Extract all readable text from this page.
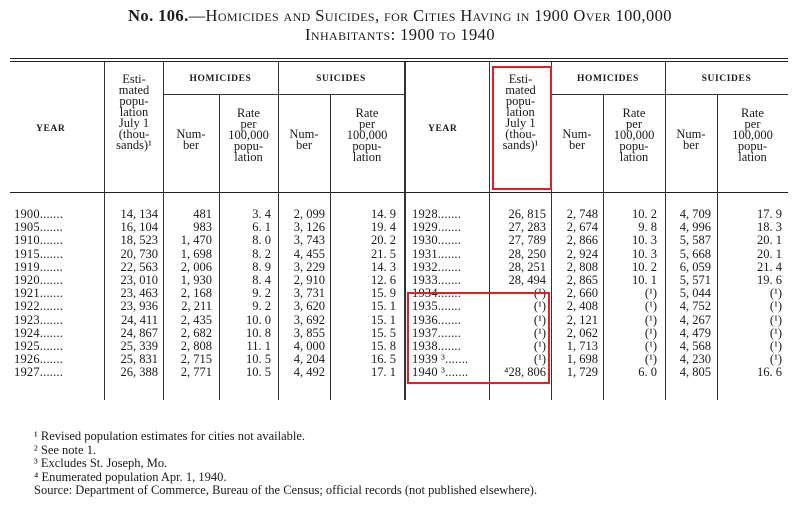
No. 106.—Homicides and Suicides, for Cities Having in 1900 Over 100,000
Inhabitants: 1900 to 1940
YEAR
Esti-
mated
popu-
lation
July 1
(thou-
sands)¹
HOMICIDES	SUICIDES
Num-
ber
Rate
per
100,000
popu-
lation
Num-
ber
Rate
per
100,000
popu-
lation
YEAR
Esti-
mated
popu-
lation
July 1
(thou-
sands)¹
HOMICIDES	SUICIDES
Num-
ber
Rate
per
100,000
popu-
lation
Num-
ber
Rate
per
100,000
popu-
lation
1900.......	14, 134	481	3. 4	2, 099	14. 9
1905.......	16, 104	983	6. 1	3, 126	19. 4
1910.......	18, 523	1, 470	8. 0	3, 743	20. 2
1915.......	20, 730	1, 698	8. 2	4, 455	21. 5
1919.......	22, 563	2, 006	8. 9	3, 229	14. 3
1920.......	23, 010	1, 930	8. 4	2, 910	12. 6
1921.......	23, 463	2, 168	9. 2	3, 731	15. 9
1922.......	23, 936	2, 211	9. 2	3, 620	15. 1
1923.......	24, 411	2, 435	10. 0	3, 692	15. 1
1924.......	24, 867	2, 682	10. 8	3, 855	15. 5
1925.......	25, 339	2, 808	11. 1	4, 000	15. 8
1926.......	25, 831	2, 715	10. 5	4, 204	16. 5
1927.......	26, 388	2, 771	10. 5	4, 492	17. 1
1928.......	26, 815	2, 748	10. 2	4, 709	17. 9
1929.......	27, 283	2, 674	9. 8	4, 996	18. 3
1930.......	27, 789	2, 866	10. 3	5, 587	20. 1
1931.......	28, 250	2, 924	10. 3	5, 668	20. 1
1932.......	28, 251	2, 808	10. 2	6, 059	21. 4
1933.......	28, 494	2, 865	10. 1	5, 571	19. 6
1934.......	(¹)	2, 660	(¹)	5, 044	(¹)
1935.......	(¹)	2, 408	(¹)	4, 752	(¹)
1936.......	(¹)	2, 121	(¹)	4, 267	(¹)
1937.......	(¹)	2, 062	(¹)	4, 479	(¹)
1938.......	(¹)	1, 713	(¹)	4, 568	(¹)
1939 ³.......	(¹)	1, 698	(¹)	4, 230	(¹)
1940 ³.......	⁴28, 806	1, 729	6. 0	4, 805	16. 6
¹ Revised population estimates for cities not available.
² See note 1.
³ Excludes St. Joseph, Mo.
⁴ Enumerated population Apr. 1, 1940.
Source: Department of Commerce, Bureau of the Census; official records (not published elsewhere).
